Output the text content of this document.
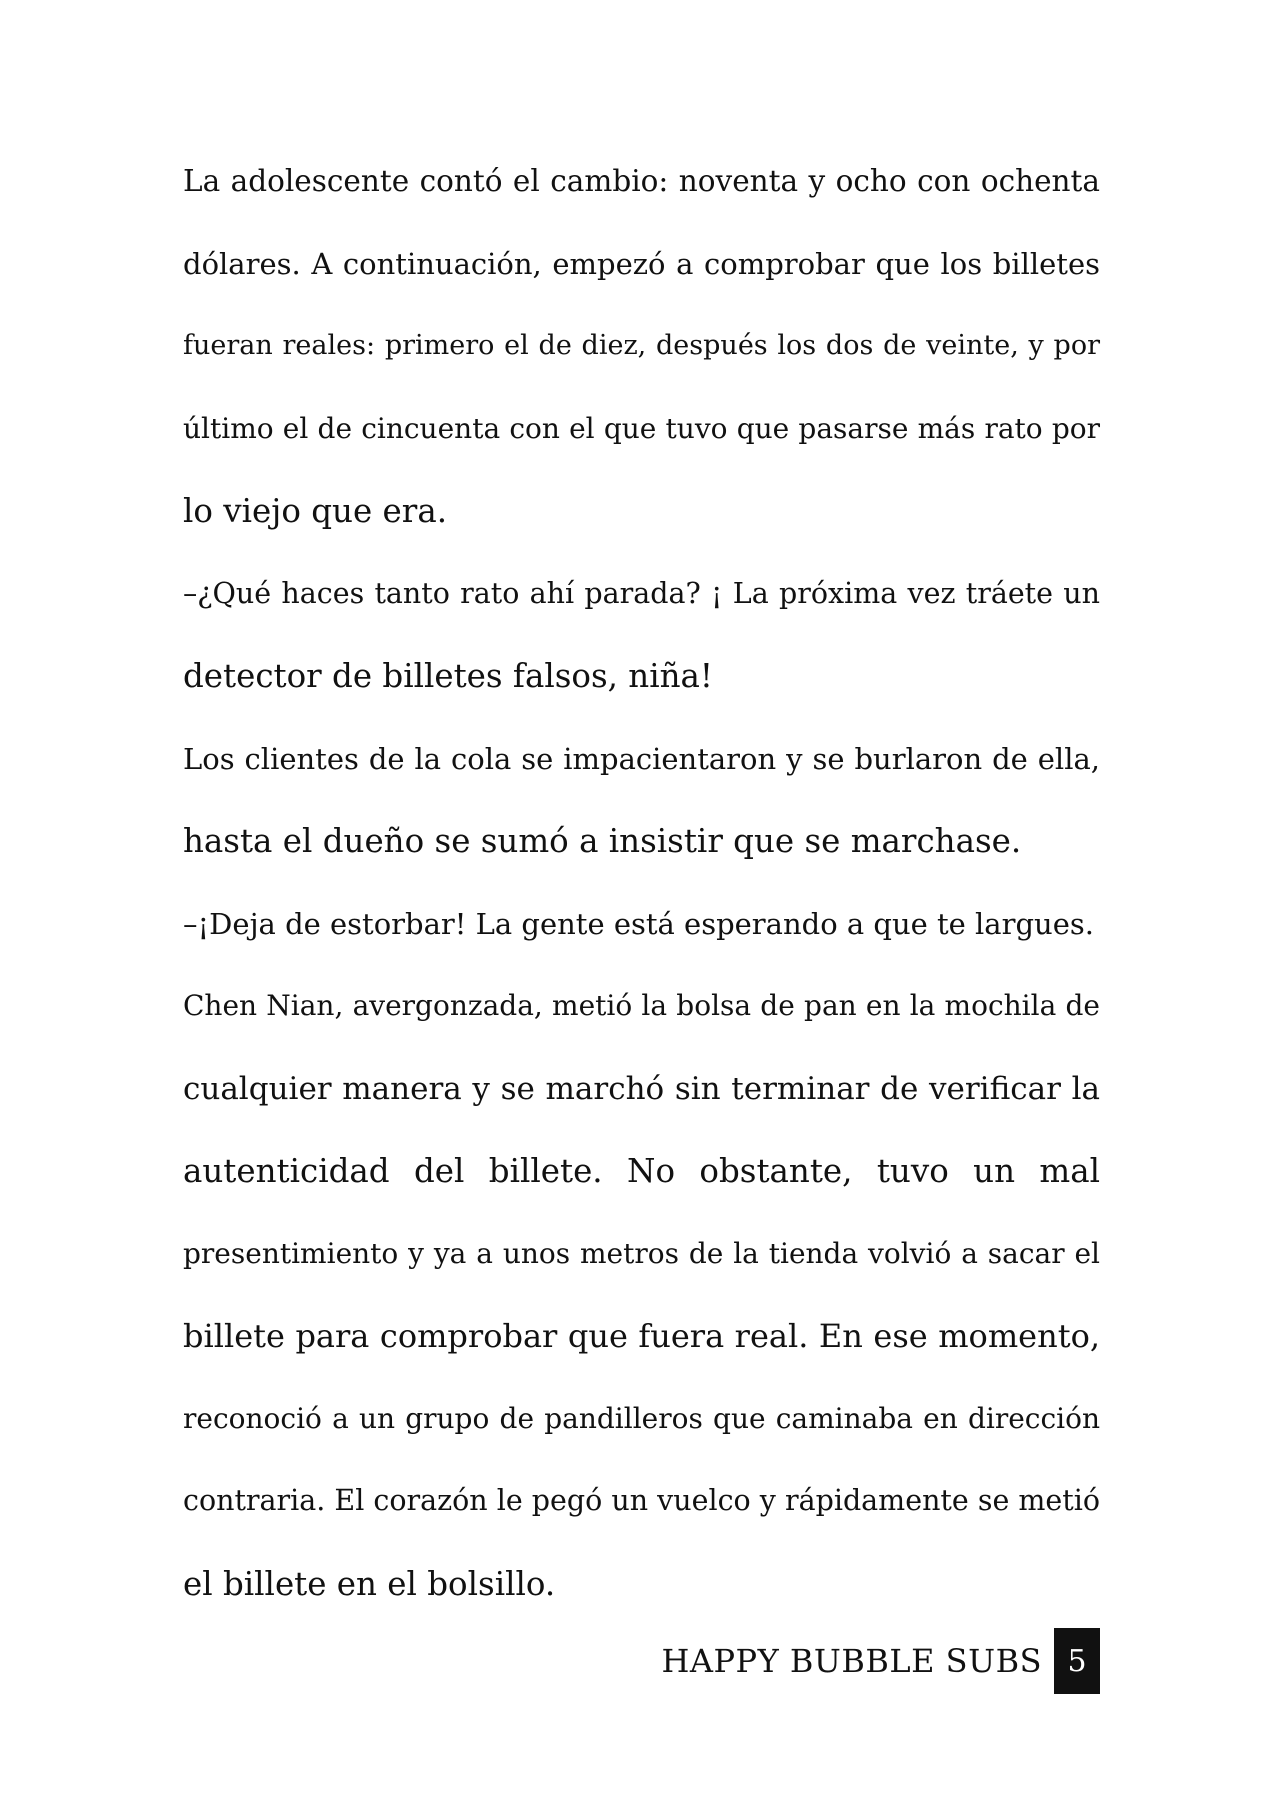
La adolescente contó el cambio: noventa y ocho con ochenta
dólares. A continuación, empezó a comprobar que los billetes
fueran reales: primero el de diez, después los dos de veinte, y por
último el de cincuenta con el que tuvo que pasarse más rato por
lo viejo que era.
–¿Qué haces tanto rato ahí parada? ¡ La próxima vez tráete un
detector de billetes falsos, niña!
Los clientes de la cola se impacientaron y se burlaron de ella,
hasta el dueño se sumó a insistir que se marchase.
–¡Deja de estorbar! La gente está esperando a que te largues.
Chen Nian, avergonzada, metió la bolsa de pan en la mochila de
cualquier manera y se marchó sin terminar de verificar la
autenticidad del billete. No obstante, tuvo un mal
presentimiento y ya a unos metros de la tienda volvió a sacar el
billete para comprobar que fuera real. En ese momento,
reconoció a un grupo de pandilleros que caminaba en dirección
contraria. El corazón le pegó un vuelco y rápidamente se metió
el billete en el bolsillo.
HAPPY BUBBLE SUBS 5
